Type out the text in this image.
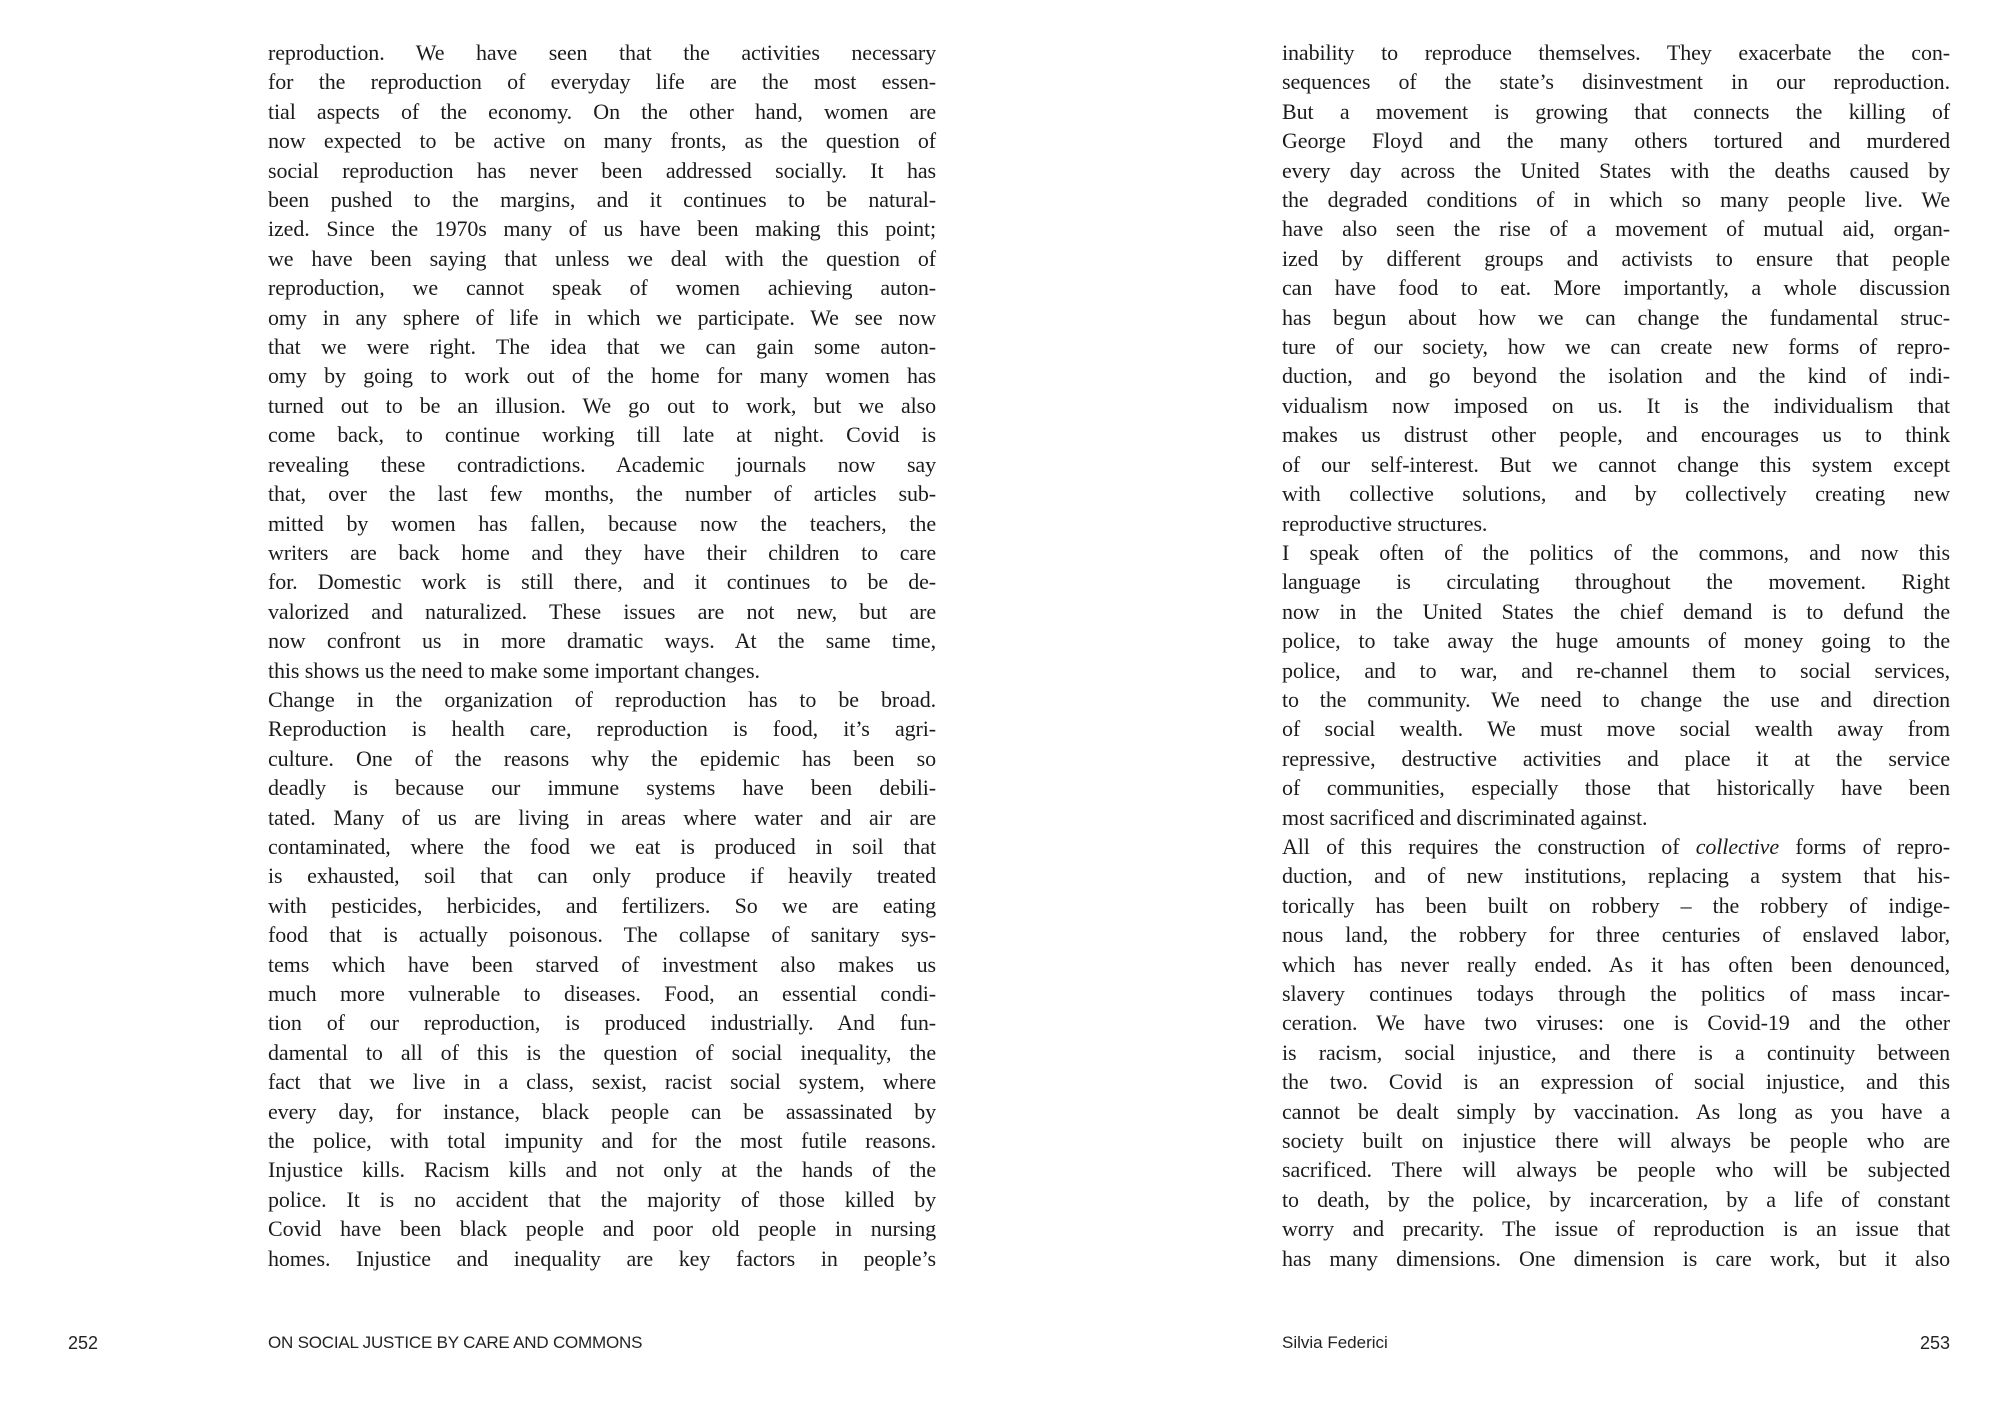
reproduction. We have seen that the activities necessary
for the reproduction of everyday life are the most essen-
tial aspects of the economy. On the other hand, women are
now expected to be active on many fronts, as the question of
social reproduction has never been addressed socially. It has
been pushed to the margins, and it continues to be natural-
ized. Since the 1970s many of us have been making this point;
we have been saying that unless we deal with the question of
reproduction, we cannot speak of women achieving auton-
omy in any sphere of life in which we participate. We see now
that we were right. The idea that we can gain some auton-
omy by going to work out of the home for many women has
turned out to be an illusion. We go out to work, but we also
come back, to continue working till late at night. Covid is
revealing these contradictions. Academic journals now say
that, over the last few months, the number of articles sub-
mitted by women has fallen, because now the teachers, the
writers are back home and they have their children to care
for. Domestic work is still there, and it continues to be de-
valorized and naturalized. These issues are not new, but are
now confront us in more dramatic ways. At the same time,
this shows us the need to make some important changes.
Change in the organization of reproduction has to be broad.
Reproduction is health care, reproduction is food, it’s agri-
culture. One of the reasons why the epidemic has been so
deadly is because our immune systems have been debili-
tated. Many of us are living in areas where water and air are
contaminated, where the food we eat is produced in soil that
is exhausted, soil that can only produce if heavily treated
with pesticides, herbicides, and fertilizers. So we are eating
food that is actually poisonous. The collapse of sanitary sys-
tems which have been starved of investment also makes us
much more vulnerable to diseases. Food, an essential condi-
tion of our reproduction, is produced industrially. And fun-
damental to all of this is the question of social inequality, the
fact that we live in a class, sexist, racist social system, where
every day, for instance, black people can be assassinated by
the police, with total impunity and for the most futile reasons.
Injustice kills. Racism kills and not only at the hands of the
police. It is no accident that the majority of those killed by
Covid have been black people and poor old people in nursing
homes. Injustice and inequality are key factors in people’s
inability to reproduce themselves. They exacerbate the con-
sequences of the state’s disinvestment in our reproduction.
But a movement is growing that connects the killing of
George Floyd and the many others tortured and murdered
every day across the United States with the deaths caused by
the degraded conditions of in which so many people live. We
have also seen the rise of a movement of mutual aid, organ-
ized by different groups and activists to ensure that people
can have food to eat. More importantly, a whole discussion
has begun about how we can change the fundamental struc-
ture of our society, how we can create new forms of repro-
duction, and go beyond the isolation and the kind of indi-
vidualism now imposed on us. It is the individualism that
makes us distrust other people, and encourages us to think
of our self-interest. But we cannot change this system except
with collective solutions, and by collectively creating new
reproductive structures.
I speak often of the politics of the commons, and now this
language is circulating throughout the movement. Right
now in the United States the chief demand is to defund the
police, to take away the huge amounts of money going to the
police, and to war, and re-channel them to social services,
to the community. We need to change the use and direction
of social wealth. We must move social wealth away from
repressive, destructive activities and place it at the service
of communities, especially those that historically have been
most sacrificed and discriminated against.
All of this requires the construction of collective forms of repro-
duction, and of new institutions, replacing a system that his-
torically has been built on robbery – the robbery of indige-
nous land, the robbery for three centuries of enslaved labor,
which has never really ended. As it has often been denounced,
slavery continues todays through the politics of mass incar-
ceration. We have two viruses: one is Covid-19 and the other
is racism, social injustice, and there is a continuity between
the two. Covid is an expression of social injustice, and this
cannot be dealt simply by vaccination. As long as you have a
society built on injustice there will always be people who are
sacrificed. There will always be people who will be subjected
to death, by the police, by incarceration, by a life of constant
worry and precarity. The issue of reproduction is an issue that
has many dimensions. One dimension is care work, but it also
252	ON SOCIAL JUSTICE BY CARE AND COMMONS	Silvia Federici	253
